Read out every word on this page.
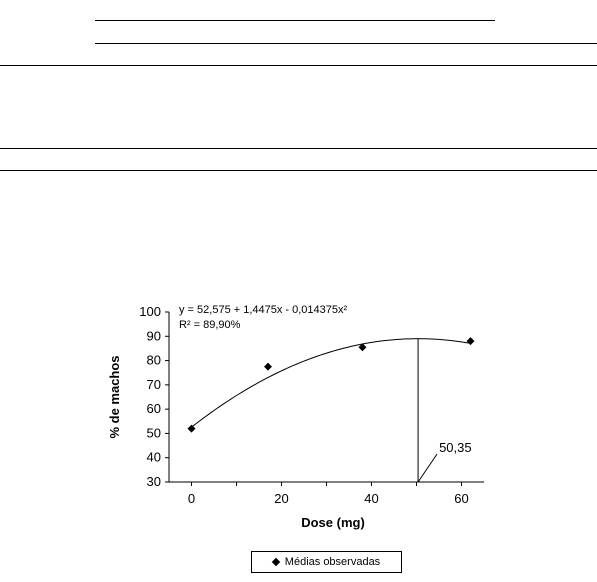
30
40
50
60
70
80
90
100
0	20	40	60
50,35
y = 52,575 + 1,4475x - 0,014375x²
R² = 89,90%
Dose (mg)
% de machos
Médias observadas
